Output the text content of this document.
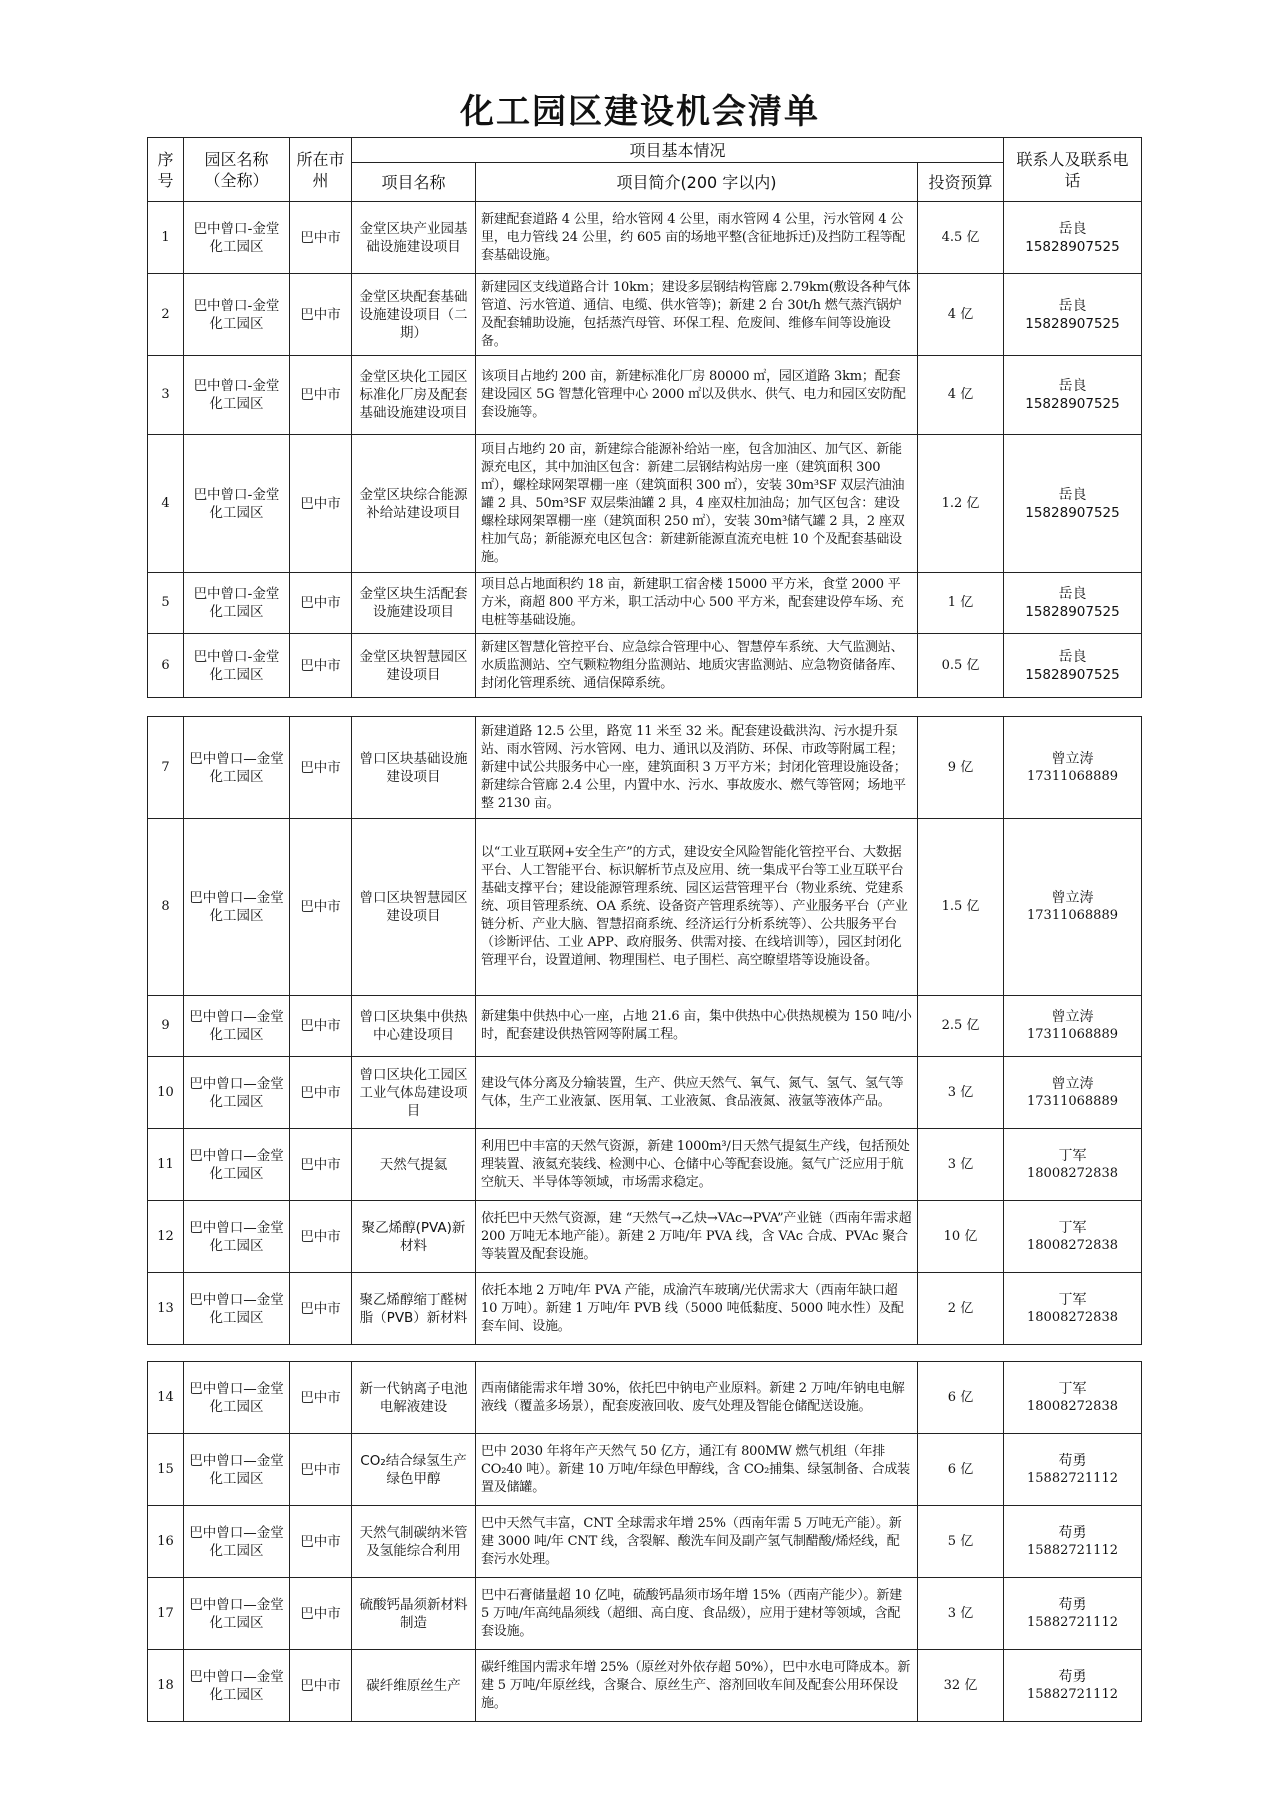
化工园区建设机会清单
序号	园区名称（全称）	所在市州	项目基本情况			联系人及联系电话
			项目名称	项目简介(200 字以内)	投资预算	
1	巴中曾口-金堂化工园区	巴中市	金堂区块产业园基础设施建设项目	新建配套道路 4 公里，给水管网 4 公里，雨水管网 4 公里，污水管网 4 公里，电力管线 24 公里，约 605 亩的场地平整(含征地拆迁)及挡防工程等配套基础设施。	4.5 亿	岳良
15828907525

2	巴中曾口-金堂化工园区	巴中市	金堂区块配套基础设施建设项目（二期）	新建园区支线道路合计 10km；建设多层钢结构管廊 2.79km(敷设各种气体管道、污水管道、通信、电缆、供水管等)；新建 2 台 30t/h 燃气蒸汽锅炉及配套辅助设施，包括蒸汽母管、环保工程、危废间、维修车间等设施设备。	4 亿	岳良
15828907525

3	巴中曾口-金堂化工园区	巴中市	金堂区块化工园区标准化厂房及配套基础设施建设项目	该项目占地约 200 亩，新建标准化厂房 80000 ㎡，园区道路 3km；配套建设园区 5G 智慧化管理中心 2000 ㎡以及供水、供气、电力和园区安防配套设施等。	4 亿	岳良
15828907525

4	巴中曾口-金堂化工园区	巴中市	金堂区块综合能源补给站建设项目	项目占地约 20 亩，新建综合能源补给站一座，包含加油区、加气区、新能源充电区，其中加油区包含：新建二层钢结构站房一座（建筑面积 300 ㎡），螺栓球网架罩棚一座（建筑面积 300 ㎡），安装 30m³SF 双层汽油油罐 2 具、50m³SF 双层柴油罐 2 具，4 座双柱加油岛；加气区包含：建设螺栓球网架罩棚一座（建筑面积 250 ㎡），安装 30m³储气罐 2 具，2 座双柱加气岛；新能源充电区包含：新建新能源直流充电桩 10 个及配套基础设施。	1.2 亿	岳良
15828907525

5	巴中曾口-金堂化工园区	巴中市	金堂区块生活配套设施建设项目	项目总占地面积约 18 亩，新建职工宿舍楼 15000 平方米，食堂 2000 平方米，商超 800 平方米，职工活动中心 500 平方米，配套建设停车场、充电桩等基础设施。	1 亿	岳良
15828907525

6	巴中曾口-金堂化工园区	巴中市	金堂区块智慧园区建设项目	新建区智慧化管控平台、应急综合管理中心、智慧停车系统、大气监测站、水质监测站、空气颗粒物组分监测站、地质灾害监测站、应急物资储备库、封闭化管理系统、通信保障系统。	0.5 亿	岳良
15828907525
7	巴中曾口—金堂化工园区	巴中市	曾口区块基础设施建设项目	新建道路 12.5 公里，路宽 11 米至 32 米。配套建设截洪沟、污水提升泵站、雨水管网、污水管网、电力、通讯以及消防、环保、市政等附属工程；新建中试公共服务中心一座，建筑面积 3 万平方米；封闭化管理设施设备；新建综合管廊 2.4 公里，内置中水、污水、事故废水、燃气等管网；场地平整 2130 亩。	9 亿	曾立涛
17311068889

8	巴中曾口—金堂化工园区	巴中市	曾口区块智慧园区建设项目	以“工业互联网+安全生产”的方式，建设安全风险智能化管控平台、大数据平台、人工智能平台、标识解析节点及应用、统一集成平台等工业互联平台基础支撑平台；建设能源管理系统、园区运营管理平台（物业系统、党建系统、项目管理系统、OA 系统、设备资产管理系统等）、产业服务平台（产业链分析、产业大脑、智慧招商系统、经济运行分析系统等）、公共服务平台（诊断评估、工业 APP、政府服务、供需对接、在线培训等），园区封闭化管理平台，设置道闸、物理围栏、电子围栏、高空瞭望塔等设施设备。	1.5 亿	曾立涛
17311068889

9	巴中曾口—金堂化工园区	巴中市	曾口区块集中供热中心建设项目	新建集中供热中心一座，占地 21.6 亩，集中供热中心供热规模为 150 吨/小时，配套建设供热管网等附属工程。	2.5 亿	曾立涛
17311068889

10	巴中曾口—金堂化工园区	巴中市	曾口区块化工园区工业气体岛建设项目	建设气体分离及分输装置，生产、供应天然气、氧气、氮气、氢气、氢气等气体，生产工业液氯、医用氧、工业液氮、食品液氮、液氩等液体产品。	3 亿	曾立涛
17311068889

11	巴中曾口—金堂化工园区	巴中市	天然气提氦	利用巴中丰富的天然气资源，新建 1000m³/日天然气提氦生产线，包括预处理装置、液氦充装线、检测中心、仓储中心等配套设施。氦气广泛应用于航空航天、半导体等领域，市场需求稳定。	3 亿	丁军
18008272838

12	巴中曾口—金堂化工园区	巴中市	聚乙烯醇(PVA)新材料	依托巴中天然气资源，建 “天然气→乙炔→VAc→PVA”产业链（西南年需求超 200 万吨无本地产能）。新建 2 万吨/年 PVA 线，含 VAc 合成、PVAc 聚合等装置及配套设施。	10 亿	丁军
18008272838

13	巴中曾口—金堂化工园区	巴中市	聚乙烯醇缩丁醛树脂（PVB）新材料	依托本地 2 万吨/年 PVA 产能，成渝汽车玻璃/光伏需求大（西南年缺口超 10 万吨）。新建 1 万吨/年 PVB 线（5000 吨低黏度、5000 吨水性）及配套车间、设施。	2 亿	丁军
18008272838
14	巴中曾口—金堂化工园区	巴中市	新一代钠离子电池电解液建设	西南储能需求年增 30%，依托巴中钠电产业原料。新建 2 万吨/年钠电电解液线（覆盖多场景），配套废液回收、废气处理及智能仓储配送设施。	6 亿	丁军
18008272838

15	巴中曾口—金堂化工园区	巴中市	CO₂结合绿氢生产绿色甲醇	巴中 2030 年将年产天然气 50 亿方，通江有 800MW 燃气机组（年排 CO₂40 吨）。新建 10 万吨/年绿色甲醇线，含 CO₂捕集、绿氢制备、合成装置及储罐。	6 亿	苟勇
15882721112

16	巴中曾口—金堂化工园区	巴中市	天然气制碳纳米管及氢能综合利用	巴中天然气丰富，CNT 全球需求年增 25%（西南年需 5 万吨无产能）。新建 3000 吨/年 CNT 线，含裂解、酸洗车间及副产氢气制醋酸/烯烃线，配套污水处理。	5 亿	苟勇
15882721112

17	巴中曾口—金堂化工园区	巴中市	硫酸钙晶须新材料制造	巴中石膏储量超 10 亿吨，硫酸钙晶须市场年增 15%（西南产能少）。新建 5 万吨/年高纯晶须线（超细、高白度、食品级），应用于建材等领域，含配套设施。	3 亿	苟勇
15882721112

18	巴中曾口—金堂化工园区	巴中市	碳纤维原丝生产	碳纤维国内需求年增 25%（原丝对外依存超 50%），巴中水电可降成本。新建 5 万吨/年原丝线，含聚合、原丝生产、溶剂回收车间及配套公用环保设施。	32 亿	苟勇
15882721112
